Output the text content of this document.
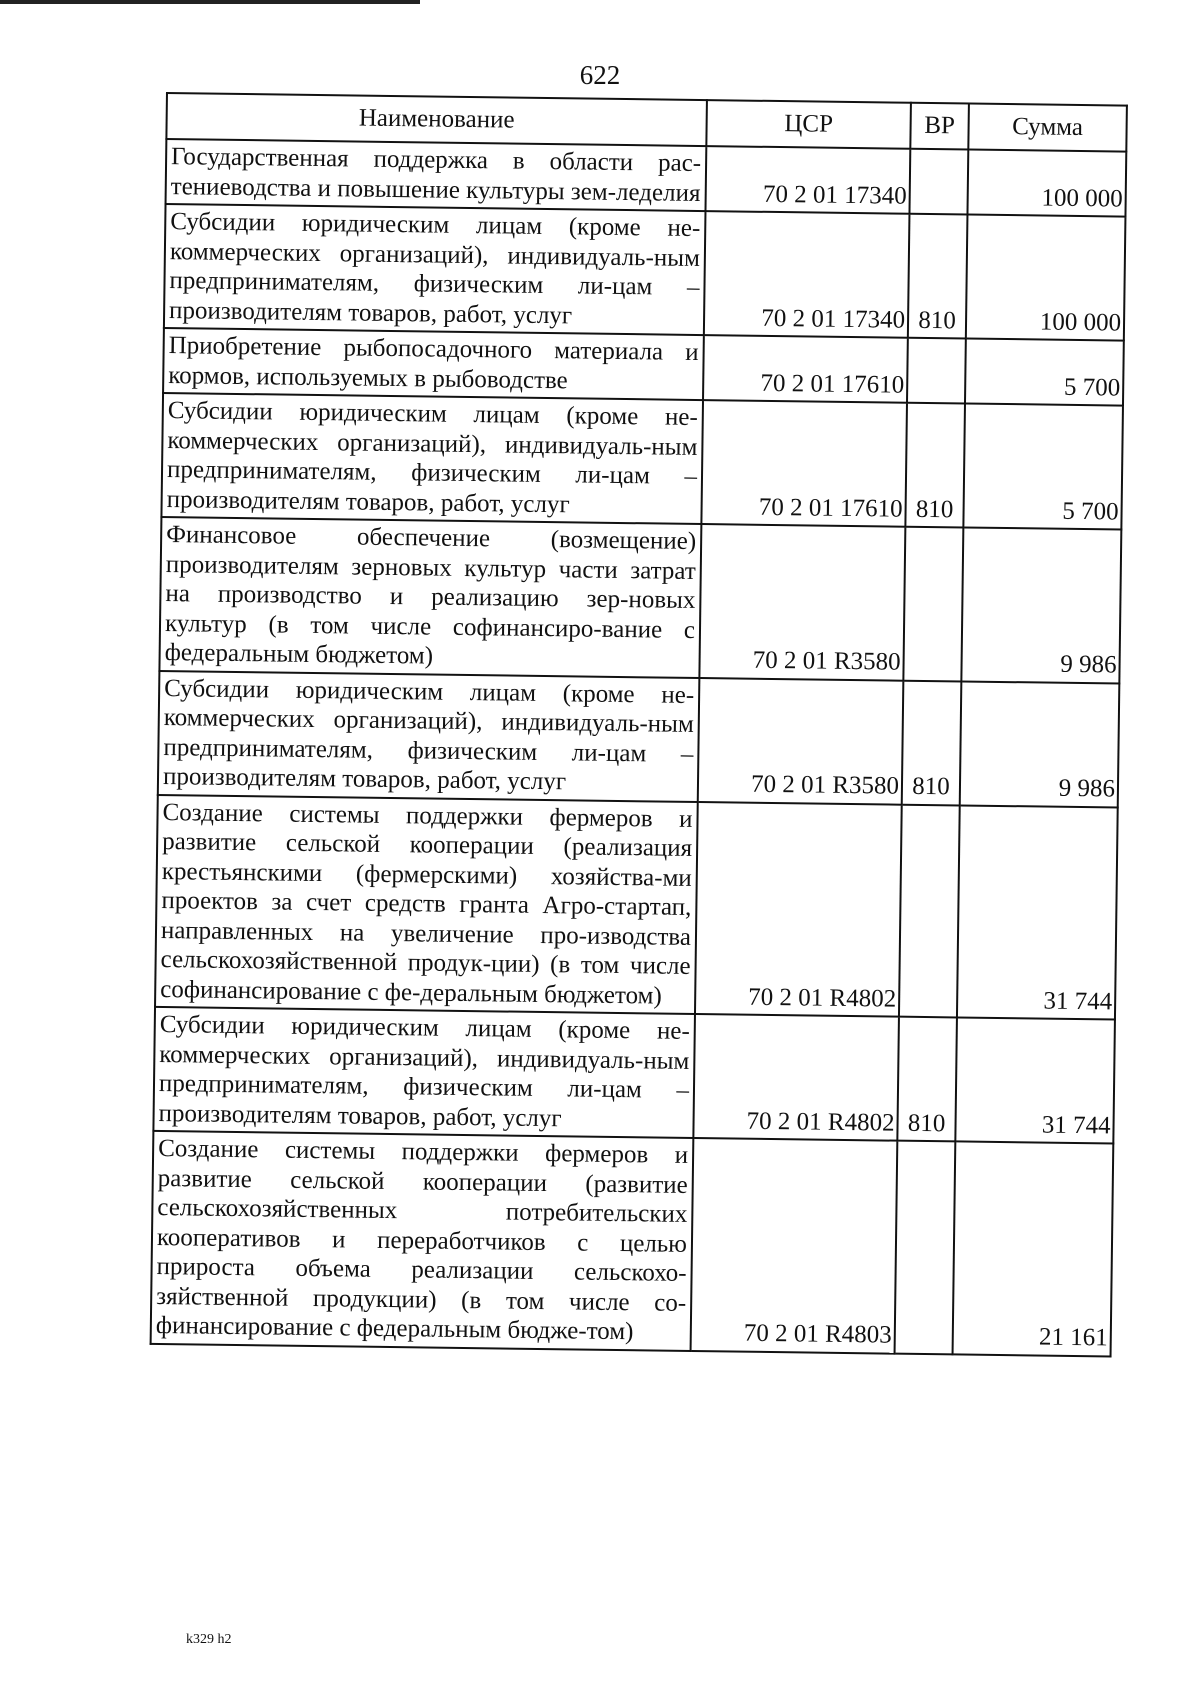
622
Наименование	ЦСР	ВР	Сумма
Государственная поддержка в области рас-тениеводства и повышение культуры зем-леделия	70 2 01 17340		100 000
Субсидии юридическим лицам (кроме не-коммерческих организаций), индивидуаль-ным предпринимателям, физическим ли-цам – производителям товаров, работ, услуг	70 2 01 17340	810	100 000
Приобретение рыбопосадочного материала и кормов, используемых в рыбоводстве	70 2 01 17610		5 700
Субсидии юридическим лицам (кроме не-коммерческих организаций), индивидуаль-ным предпринимателям, физическим ли-цам – производителям товаров, работ, услуг	70 2 01 17610	810	5 700
Финансовое обеспечение (возмещение) производителям зерновых культур части затрат на производство и реализацию зер-новых культур (в том числе софинансиро-вание с федеральным бюджетом)	70 2 01 R3580		9 986
Субсидии юридическим лицам (кроме не-коммерческих организаций), индивидуаль-ным предпринимателям, физическим ли-цам – производителям товаров, работ, услуг	70 2 01 R3580	810	9 986
Создание системы поддержки фермеров и развитие сельской кооперации (реализация крестьянскими (фермерскими) хозяйства-ми проектов за счет средств гранта Агро-стартап, направленных на увеличение про-изводства сельскохозяйственной продук-ции) (в том числе софинансирование с фе-деральным бюджетом)	70 2 01 R4802		31 744
Субсидии юридическим лицам (кроме не-коммерческих организаций), индивидуаль-ным предпринимателям, физическим ли-цам – производителям товаров, работ, услуг	70 2 01 R4802	810	31 744
Создание системы поддержки фермеров и развитие сельской кооперации (развитие сельскохозяйственных потребительских кооперативов и переработчиков с целью прироста объема реализации сельскохо-зяйственной продукции) (в том числе со-финансирование с федеральным бюдже-том)	70 2 01 R4803		21 161
k329 h2
